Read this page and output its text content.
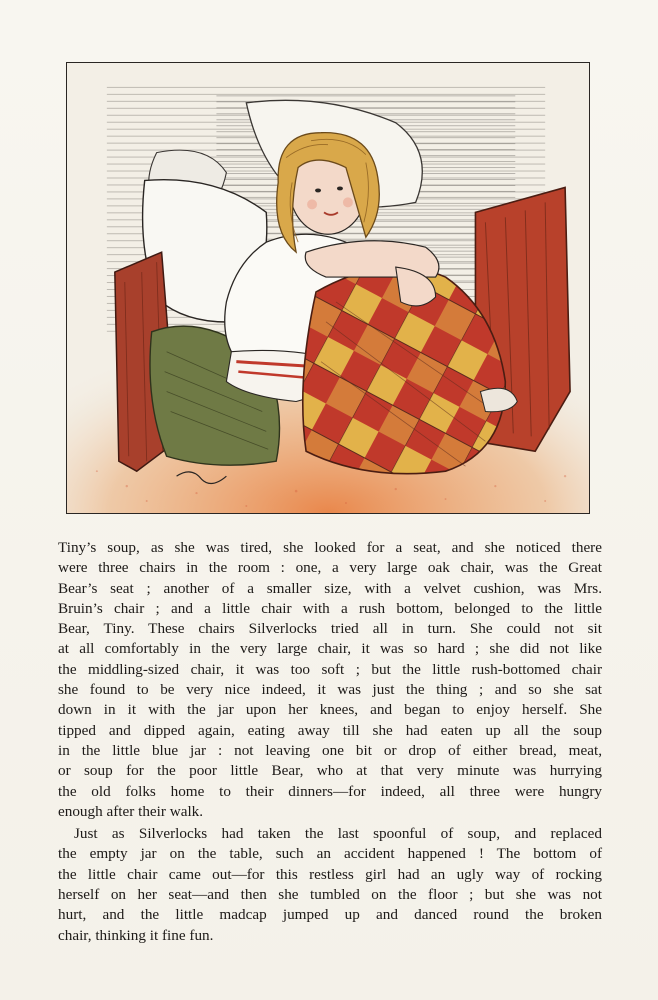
Tiny’s soup, as she was tired, she looked for a seat, and she noticed there
were three chairs in the room : one, a very large oak chair, was the Great
Bear’s seat ; another of a smaller size, with a velvet cushion, was Mrs.
Bruin’s chair ; and a little chair with a rush bottom, belonged to the little
Bear, Tiny. These chairs Silverlocks tried all in turn. She could not sit
at all comfortably in the very large chair, it was so hard ; she did not like
the middling-sized chair, it was too soft ; but the little rush-bottomed chair
she found to be very nice indeed, it was just the thing ; and so she sat
down in it with the jar upon her knees, and began to enjoy herself. She
tipped and dipped again, eating away till she had eaten up all the soup
in the little blue jar : not leaving one bit or drop of either bread, meat,
or soup for the poor little Bear, who at that very minute was hurrying
the old folks home to their dinners—for indeed, all three were hungry
enough after their walk.
Just as Silverlocks had taken the last spoonful of soup, and replaced
the empty jar on the table, such an accident happened ! The bottom of
the little chair came out—for this restless girl had an ugly way of rocking
herself on her seat—and then she tumbled on the floor ; but she was not
hurt, and the little madcap jumped up and danced round the broken
chair, thinking it fine fun.
